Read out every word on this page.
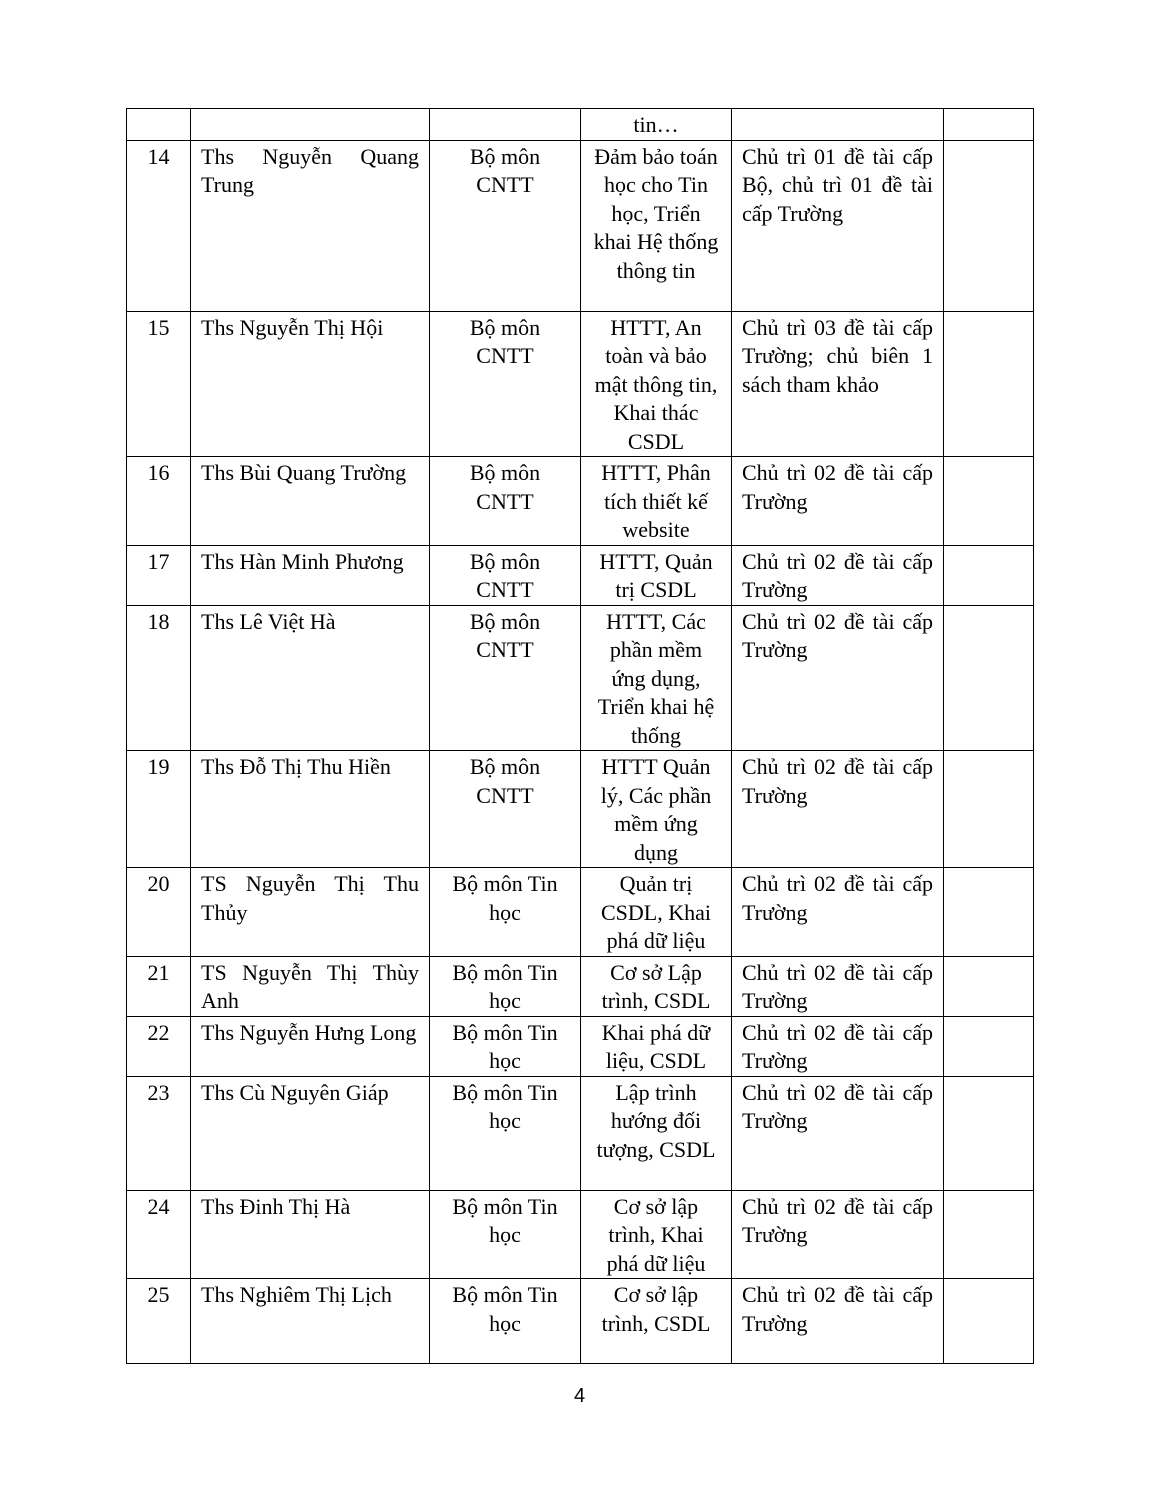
			tin…		
14	Ths Nguyễn Quang Trung	Bộ môn CNTT	Đảm bảo toán học cho Tin học, Triển khai Hệ thống thông tin	Chủ trì 01 đề tài cấp Bộ, chủ trì 01 đề tài cấp Trường	
15	Ths Nguyễn Thị Hội	Bộ môn CNTT	HTTT, An toàn và bảo mật thông tin, Khai thác CSDL	Chủ trì 03 đề tài cấp Trường; chủ biên 1 sách tham khảo	
16	Ths Bùi Quang Trường	Bộ môn CNTT	HTTT, Phân tích thiết kế website	Chủ trì 02 đề tài cấp Trường	
17	Ths Hàn Minh Phương	Bộ môn CNTT	HTTT, Quản trị CSDL	Chủ trì 02 đề tài cấp Trường	
18	Ths Lê Việt Hà	Bộ môn CNTT	HTTT, Các phần mềm ứng dụng, Triển khai hệ thống	Chủ trì 02 đề tài cấp Trường	
19	Ths Đỗ Thị Thu Hiền	Bộ môn CNTT	HTTT Quản lý, Các phần mềm ứng dụng	Chủ trì 02 đề tài cấp Trường	
20	TS Nguyễn Thị Thu Thủy	Bộ môn Tin học	Quản trị CSDL, Khai phá dữ liệu	Chủ trì 02 đề tài cấp Trường	
21	TS Nguyễn Thị Thùy Anh	Bộ môn Tin học	Cơ sở Lập trình, CSDL	Chủ trì 02 đề tài cấp Trường	
22	Ths Nguyễn Hưng Long	Bộ môn Tin học	Khai phá dữ liệu, CSDL	Chủ trì 02 đề tài cấp Trường	
23	Ths Cù Nguyên Giáp	Bộ môn Tin học	Lập trình hướng đối tượng, CSDL	Chủ trì 02 đề tài cấp Trường	
24	Ths Đinh Thị Hà	Bộ môn Tin học	Cơ sở lập trình, Khai phá dữ liệu	Chủ trì 02 đề tài cấp Trường	
25	Ths Nghiêm Thị Lịch	Bộ môn Tin học	Cơ sở lập trình, CSDL	Chủ trì 02 đề tài cấp Trường	
4
